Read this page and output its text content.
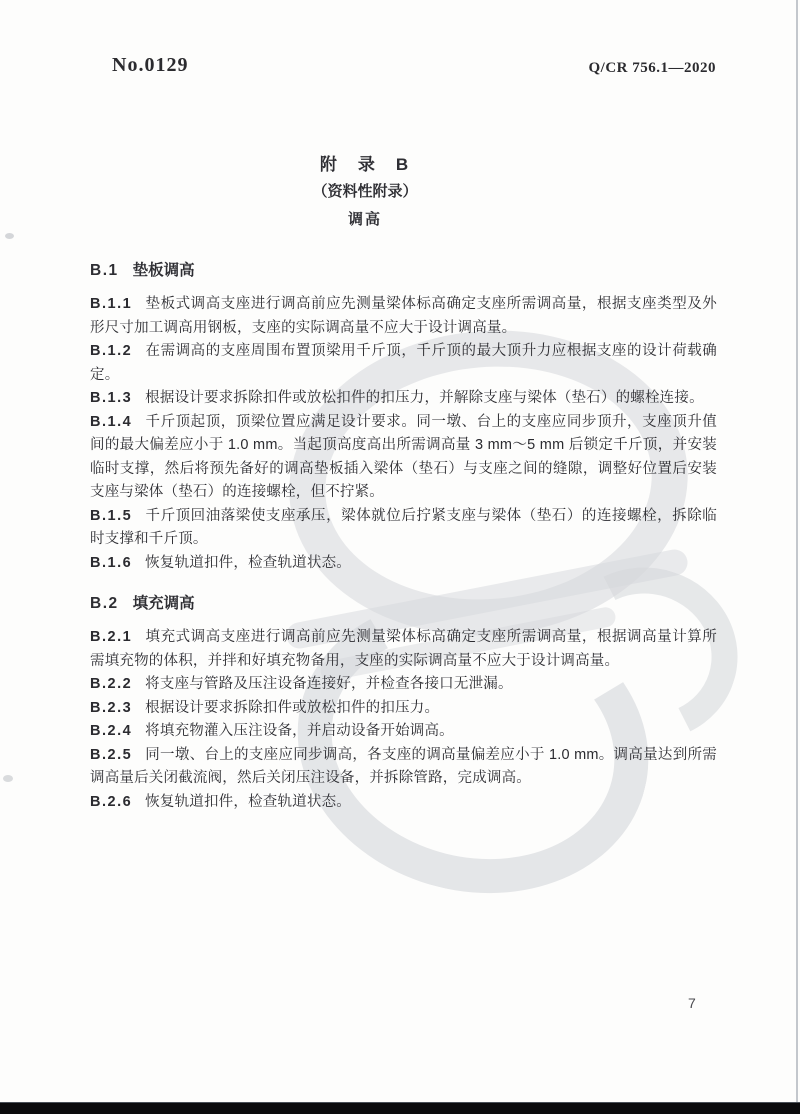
No.0129	Q/CR 756.1—2020
附　录　B
（资料性附录）
调高
B.1 垫板调高

B.1.1 垫板式调高支座进行调高前应先测量梁体标高确定支座所需调高量，根据支座类型及外形尺寸加工调高用钢板，支座的实际调高量不应大于设计调高量。

B.1.2 在需调高的支座周围布置顶梁用千斤顶，千斤顶的最大顶升力应根据支座的设计荷载确定。

B.1.3 根据设计要求拆除扣件或放松扣件的扣压力，并解除支座与梁体（垫石）的螺栓连接。

B.1.4 千斤顶起顶，顶梁位置应满足设计要求。同一墩、台上的支座应同步顶升，支座顶升值间的最大偏差应小于 1.0 mm。当起顶高度高出所需调高量 3 mm～5 mm 后锁定千斤顶，并安装临时支撑，然后将预先备好的调高垫板插入梁体（垫石）与支座之间的缝隙，调整好位置后安装支座与梁体（垫石）的连接螺栓，但不拧紧。

B.1.5 千斤顶回油落梁使支座承压，梁体就位后拧紧支座与梁体（垫石）的连接螺栓，拆除临时支撑和千斤顶。

B.1.6 恢复轨道扣件，检查轨道状态。

B.2 填充调高

B.2.1 填充式调高支座进行调高前应先测量梁体标高确定支座所需调高量，根据调高量计算所需填充物的体积，并拌和好填充物备用，支座的实际调高量不应大于设计调高量。

B.2.2 将支座与管路及压注设备连接好，并检查各接口无泄漏。

B.2.3 根据设计要求拆除扣件或放松扣件的扣压力。

B.2.4 将填充物灌入压注设备，并启动设备开始调高。

B.2.5 同一墩、台上的支座应同步调高，各支座的调高量偏差应小于 1.0 mm。调高量达到所需调高量后关闭截流阀，然后关闭压注设备，并拆除管路，完成调高。

B.2.6 恢复轨道扣件，检查轨道状态。

7
